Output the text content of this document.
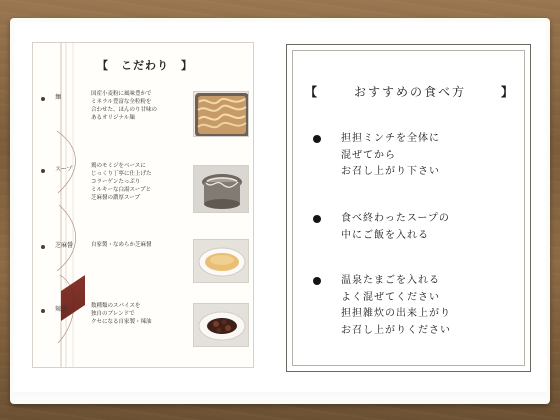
【　こだわり　】
麺	国産小麦粉に風味豊かで
ミネラル豊富な全粒粉を
合わせた、ほんのり甘味の
あるオリジナル麺
スープ	鶏のモミジをベースに
じっくり丁寧に仕上げた
コラーゲンたっぷり
ミルキーな白湯スープと
芝麻醤の濃厚スープ
芝麻醤	自家製・なめらか芝麻醤
辣油	数種類のスパイスを
独自のブレンドで
クセになる自家製・辣油
【	おすすめの食べ方	】
担担ミンチを全体に
混ぜてから
お召し上がり下さい
食べ終わったスープの
中にご飯を入れる
温泉たまごを入れる
よく混ぜてください
担担雑炊の出来上がり
お召し上がりください
